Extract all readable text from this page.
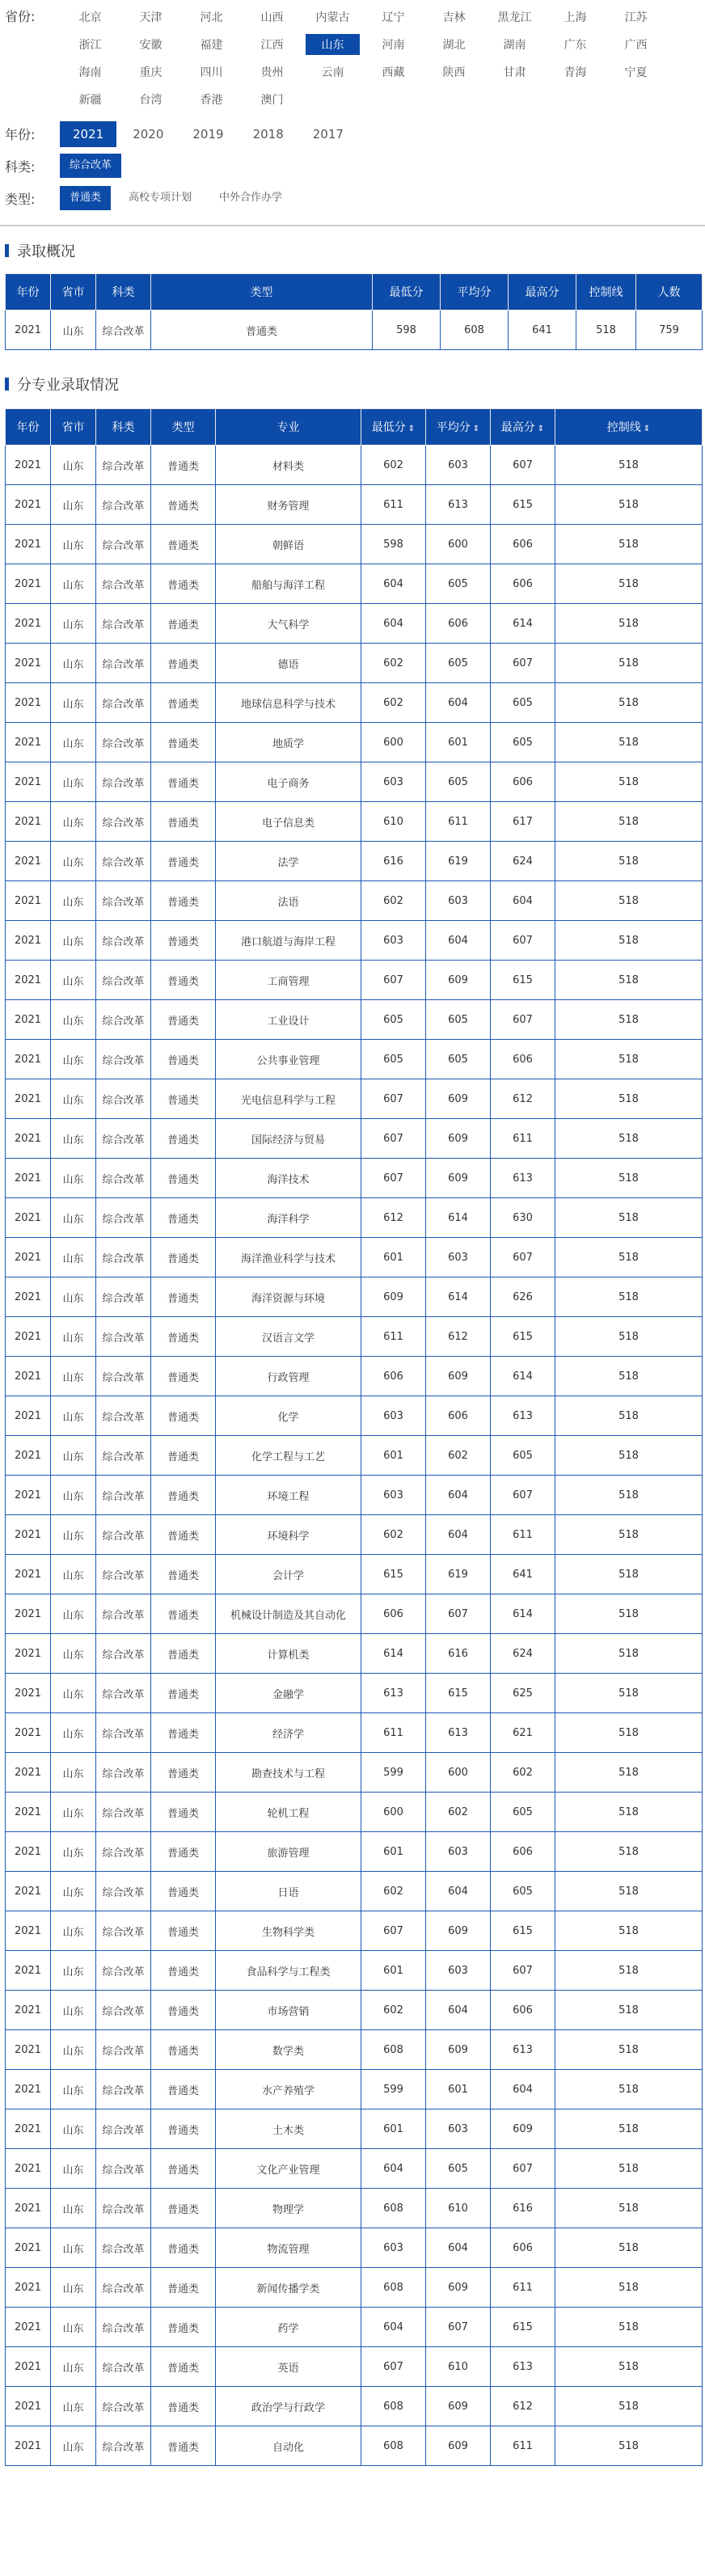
省份:	北京	天津	河北	山西	内蒙古	辽宁	吉林	黑龙江	上海	江苏
浙江	安徽	福建	江西	山东	河南	湖北	湖南	广东	广西
海南	重庆	四川	贵州	云南	西藏	陕西	甘肃	青海	宁夏
新疆	台湾	香港	澳门
年份:	2021	2020	2019	2018	2017
科类:	综合改革
类型:	普通类	高校专项计划	中外合作办学
录取概况
年份	省市	科类	类型	最低分	平均分	最高分	控制线	人数
2021	山东	综合改革	普通类	598	608	641	518	759
分专业录取情况
年份	省市	科类	类型	专业	最低分 ⇕	平均分 ⇕	最高分 ⇕	控制线 ⇕
2021	山东	综合改革	普通类	材料类	602	603	607	518
2021	山东	综合改革	普通类	财务管理	611	613	615	518
2021	山东	综合改革	普通类	朝鲜语	598	600	606	518
2021	山东	综合改革	普通类	船舶与海洋工程	604	605	606	518
2021	山东	综合改革	普通类	大气科学	604	606	614	518
2021	山东	综合改革	普通类	德语	602	605	607	518
2021	山东	综合改革	普通类	地球信息科学与技术	602	604	605	518
2021	山东	综合改革	普通类	地质学	600	601	605	518
2021	山东	综合改革	普通类	电子商务	603	605	606	518
2021	山东	综合改革	普通类	电子信息类	610	611	617	518
2021	山东	综合改革	普通类	法学	616	619	624	518
2021	山东	综合改革	普通类	法语	602	603	604	518
2021	山东	综合改革	普通类	港口航道与海岸工程	603	604	607	518
2021	山东	综合改革	普通类	工商管理	607	609	615	518
2021	山东	综合改革	普通类	工业设计	605	605	607	518
2021	山东	综合改革	普通类	公共事业管理	605	605	606	518
2021	山东	综合改革	普通类	光电信息科学与工程	607	609	612	518
2021	山东	综合改革	普通类	国际经济与贸易	607	609	611	518
2021	山东	综合改革	普通类	海洋技术	607	609	613	518
2021	山东	综合改革	普通类	海洋科学	612	614	630	518
2021	山东	综合改革	普通类	海洋渔业科学与技术	601	603	607	518
2021	山东	综合改革	普通类	海洋资源与环境	609	614	626	518
2021	山东	综合改革	普通类	汉语言文学	611	612	615	518
2021	山东	综合改革	普通类	行政管理	606	609	614	518
2021	山东	综合改革	普通类	化学	603	606	613	518
2021	山东	综合改革	普通类	化学工程与工艺	601	602	605	518
2021	山东	综合改革	普通类	环境工程	603	604	607	518
2021	山东	综合改革	普通类	环境科学	602	604	611	518
2021	山东	综合改革	普通类	会计学	615	619	641	518
2021	山东	综合改革	普通类	机械设计制造及其自动化	606	607	614	518
2021	山东	综合改革	普通类	计算机类	614	616	624	518
2021	山东	综合改革	普通类	金融学	613	615	625	518
2021	山东	综合改革	普通类	经济学	611	613	621	518
2021	山东	综合改革	普通类	勘查技术与工程	599	600	602	518
2021	山东	综合改革	普通类	轮机工程	600	602	605	518
2021	山东	综合改革	普通类	旅游管理	601	603	606	518
2021	山东	综合改革	普通类	日语	602	604	605	518
2021	山东	综合改革	普通类	生物科学类	607	609	615	518
2021	山东	综合改革	普通类	食品科学与工程类	601	603	607	518
2021	山东	综合改革	普通类	市场营销	602	604	606	518
2021	山东	综合改革	普通类	数学类	608	609	613	518
2021	山东	综合改革	普通类	水产养殖学	599	601	604	518
2021	山东	综合改革	普通类	土木类	601	603	609	518
2021	山东	综合改革	普通类	文化产业管理	604	605	607	518
2021	山东	综合改革	普通类	物理学	608	610	616	518
2021	山东	综合改革	普通类	物流管理	603	604	606	518
2021	山东	综合改革	普通类	新闻传播学类	608	609	611	518
2021	山东	综合改革	普通类	药学	604	607	615	518
2021	山东	综合改革	普通类	英语	607	610	613	518
2021	山东	综合改革	普通类	政治学与行政学	608	609	612	518
2021	山东	综合改革	普通类	自动化	608	609	611	518
